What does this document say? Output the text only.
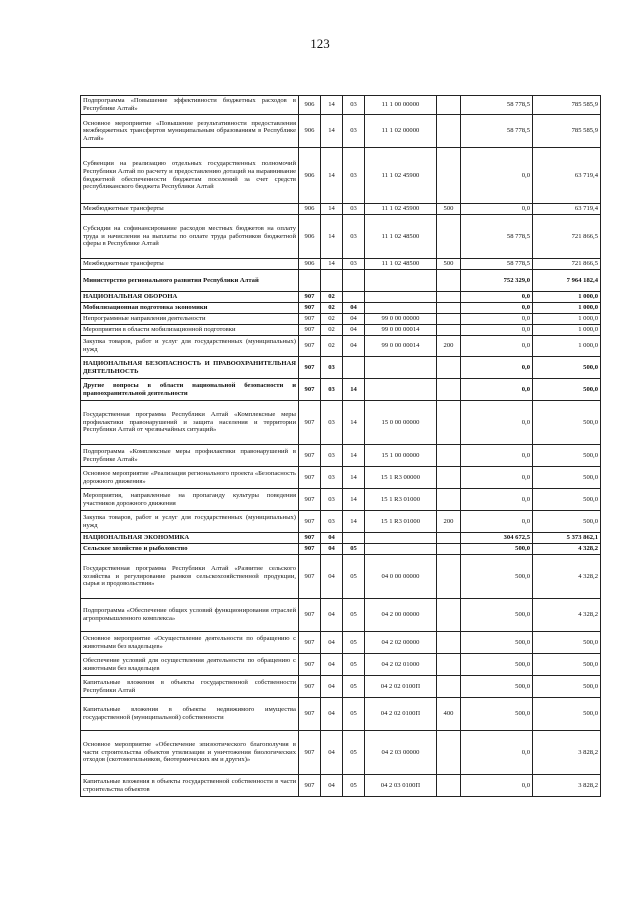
123
Подпрограмма «Повышение эффективности бюджетных расходов в Республике Алтай»	906	14	03	11 1 00 00000		58 778,5	785 585,9
Основное мероприятие «Повышение результативности предоставления межбюджетных трансфертов муниципальным образованиям в Республике Алтай»	906	14	03	11 1 02 00000		58 778,5	785 585,9
Субвенции на реализацию отдельных государственных полномочий Республики Алтай по расчету и предоставлению дотаций на выравнивание бюджетной обеспеченности бюджетам поселений за счет средств республиканского бюджета Республики Алтай	906	14	03	11 1 02 45900		0,0	63 719,4
Межбюджетные трансферты	906	14	03	11 1 02 45900	500	0,0	63 719,4
Субсидии на софинансирование расходов местных бюджетов на оплату труда и начисления на выплаты по оплате труда работников бюджетной сферы в Республике Алтай	906	14	03	11 1 02 48500		58 778,5	721 866,5
Межбюджетные трансферты	906	14	03	11 1 02 48500	500	58 778,5	721 866,5
Министерство регионального развития Республики Алтай						752 329,0	7 964 182,4
НАЦИОНАЛЬНАЯ ОБОРОНА	907	02				0,0	1 000,0
Мобилизационная подготовка экономики	907	02	04			0,0	1 000,0
Непрограммные направления деятельности	907	02	04	99 0 00 00000		0,0	1 000,0
Мероприятия в области мобилизационной подготовки	907	02	04	99 0 00 00014		0,0	1 000,0
Закупка товаров, работ и услуг для государственных (муниципальных) нужд	907	02	04	99 0 00 00014	200	0,0	1 000,0
НАЦИОНАЛЬНАЯ БЕЗОПАСНОСТЬ И ПРАВООХРАНИТЕЛЬНАЯ ДЕЯТЕЛЬНОСТЬ	907	03				0,0	500,0
Другие вопросы в области национальной безопасности и правоохранительной деятельности	907	03	14			0,0	500,0
Государственная программа Республики Алтай «Комплексные меры профилактики правонарушений и защита населения и территории Республики Алтай от чрезвычайных ситуаций»	907	03	14	15 0 00 00000		0,0	500,0
Подпрограмма «Комплексные меры профилактики правонарушений в Республике Алтай»	907	03	14	15 1 00 00000		0,0	500,0
Основное мероприятие «Реализация регионального проекта «Безопасность дорожного движения»	907	03	14	15 1 R3 00000		0,0	500,0
Мероприятия, направленные на пропаганду культуры поведения участников дорожного движения	907	03	14	15 1 R3 01000		0,0	500,0
Закупка товаров, работ и услуг для государственных (муниципальных) нужд	907	03	14	15 1 R3 01000	200	0,0	500,0
НАЦИОНАЛЬНАЯ ЭКОНОМИКА	907	04				304 672,5	5 373 862,1
Сельское хозяйство и рыболовство	907	04	05			500,0	4 328,2
Государственная программа Республики Алтай «Развитие сельского хозяйства и регулирование рынков сельскохозяйственной продукции, сырья и продовольствия»	907	04	05	04 0 00 00000		500,0	4 328,2
Подпрограмма «Обеспечение общих условий функционирования отраслей агропромышленного комплекса»	907	04	05	04 2 00 00000		500,0	4 328,2
Основное мероприятие «Осуществление деятельности по обращению с животными без владельцев»	907	04	05	04 2 02 00000		500,0	500,0
Обеспечение условий для осуществления деятельности по обращению с животными без владельцев	907	04	05	04 2 02 01000		500,0	500,0
Капитальные вложения в объекты государственной собственности Республики Алтай	907	04	05	04 2 02 0100П		500,0	500,0
Капитальные вложения в объекты недвижимого имущества государственной (муниципальной) собственности	907	04	05	04 2 02 0100П	400	500,0	500,0
Основное мероприятие «Обеспечение эпизоотического благополучия в части строительства объектов утилизации и уничтожения биологических отходов (скотомогильников, биотермических ям и других)»	907	04	05	04 2 03 00000		0,0	3 828,2
Капитальные вложения в объекты государственной собственности в части строительства объектов	907	04	05	04 2 03 0100П		0,0	3 828,2
